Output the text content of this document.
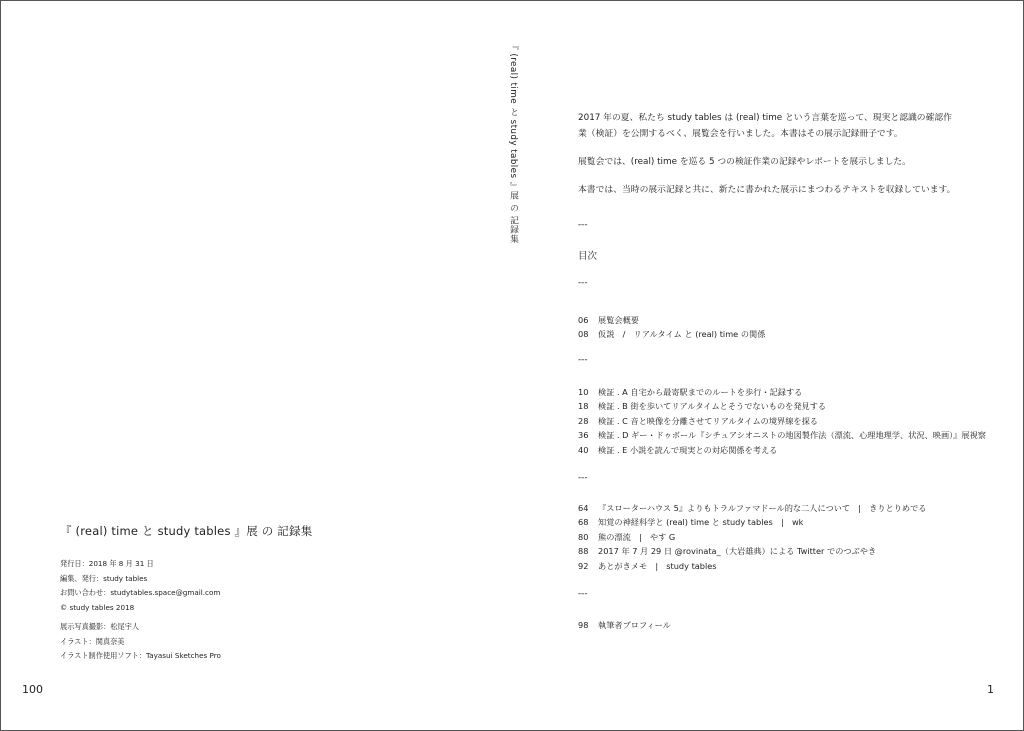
『 (real) time と study tables 』展 の 記録集
『 (real) time と study tables 』展 の 記録集
発行日：2018 年 8 月 31 日
編集、発行：study tables
お問い合わせ：studytables.space@gmail.com
© study tables 2018
展示写真撮影：松尾宇人
イラスト：関真奈美
イラスト制作使用ソフト：Tayasui Sketches Pro
100

2017 年の夏、私たち study tables は (real) time という言葉を巡って、現実と認識の確認作
業（検証）を公開するべく、展覧会を行いました。本書はその展示記録冊子です。

展覧会では、(real) time を巡る 5 つの検証作業の記録やレポートを展示しました。

本書では、当時の展示記録と共に、新たに書かれた展示にまつわるテキストを収録しています。

---
目次
---
06 展覧会概要
08 仮説　/　リアルタイム と (real) time の関係
---
10 検証 . A 自宅から最寄駅までのルートを歩行・記録する
18 検証 . B 街を歩いてリアルタイムとそうでないものを発見する
28 検証 . C 音と映像を分離させてリアルタイムの境界線を探る
36 検証 . D ギー・ドゥボール『シチュアシオニストの地図製作法（漂流、心理地理学、状況、映画）』展視察
40 検証 . E 小説を読んで現実との対応関係を考える
---
64 『スローターハウス 5』よりもトラルファマドール的な二人について　|　きりとりめでる
68 知覚の神経科学と (real) time と study tables　|　wk
80 熊の漂流　|　やす G
88 2017 年 7 月 29 日 @rovinata_（大岩雄典）による Twitter でのつぶやき
92 あとがきメモ　|　study tables
---
98 執筆者プロフィール
1
